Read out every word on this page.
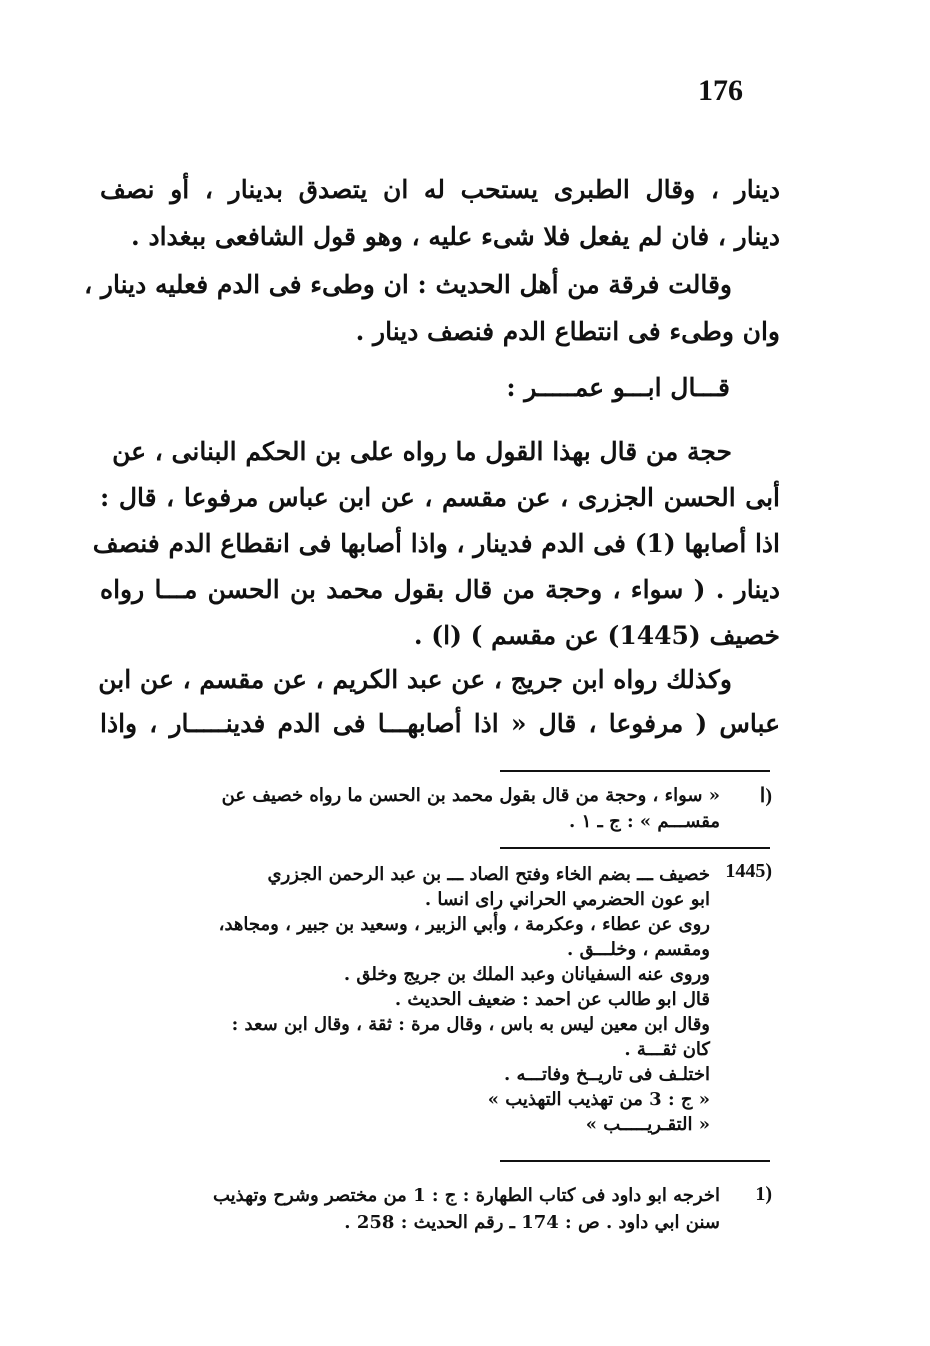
176
دينار ، وقال الطبرى يستحب له ان يتصدق بدينار ، أو نصف
دينار ، فان لم يفعل فلا شىء عليه ، وهو قول الشافعى ببغداد .
وقالت فرقة من أهل الحديث : ان وطىء فى الدم فعليه دينار ،
وان وطىء فى انتطاع الدم فنصف دينار .
قـــال ابـــو عمـــــر :
حجة من قال بهذا القول ما رواه على بن الحكم البنانى ، عن
أبى الحسن الجزرى ، عن مقسم ، عن ابن عباس مرفوعا ، قال :
اذا أصابها (1) فى الدم فدينار ، واذا أصابها فى انقطاع الدم فنصف
دينار . ( سواء ، وحجة من قال بقول محمد بن الحسن مـــا رواه
خصيف (1445) عن مقسم ) (ا) .
وكذلك رواه ابن جريج ، عن عبد الكريم ، عن مقسم ، عن ابن
عباس ( مرفوعا ، قال « اذا أصابهـــا فى الدم فدينـــــار ، واذا
ا)
« سواء ، وحجة من قال بقول محمد بن الحسن ما رواه خصيف عن
مقســـم » : ج ـ ١ .
1445)
خصيف ـــ بضم الخاء وفتح الصاد ـــ بن عبد الرحمن الجزري
ابو عون الحضرمي الحراني راى انسا .
روى عن عطاء ، وعكرمة ، وأبي الزبير ، وسعيد بن جبير ، ومجاهد،
ومقسم ، وخلـــق .
وروى عنه السفيانان وعبد الملك بن جريج وخلق .
قال ابو طالب عن احمد : ضعيف الحديث .
وقال ابن معين ليس به باس ، وقال مرة : ثقة ، وقال ابن سعد :
كان ثقـــة .
اختلـف فى تاريــخ وفاتـــه .
« ج : 3 من تهذيب التهذيب »
« التقـريـــــب »
1)
اخرجه ابو داود فى كتاب الطهارة : ج : 1 من مختصر وشرح وتهذيب
سنن ابي داود . ص : 174 ـ رقم الحديث : 258 .
